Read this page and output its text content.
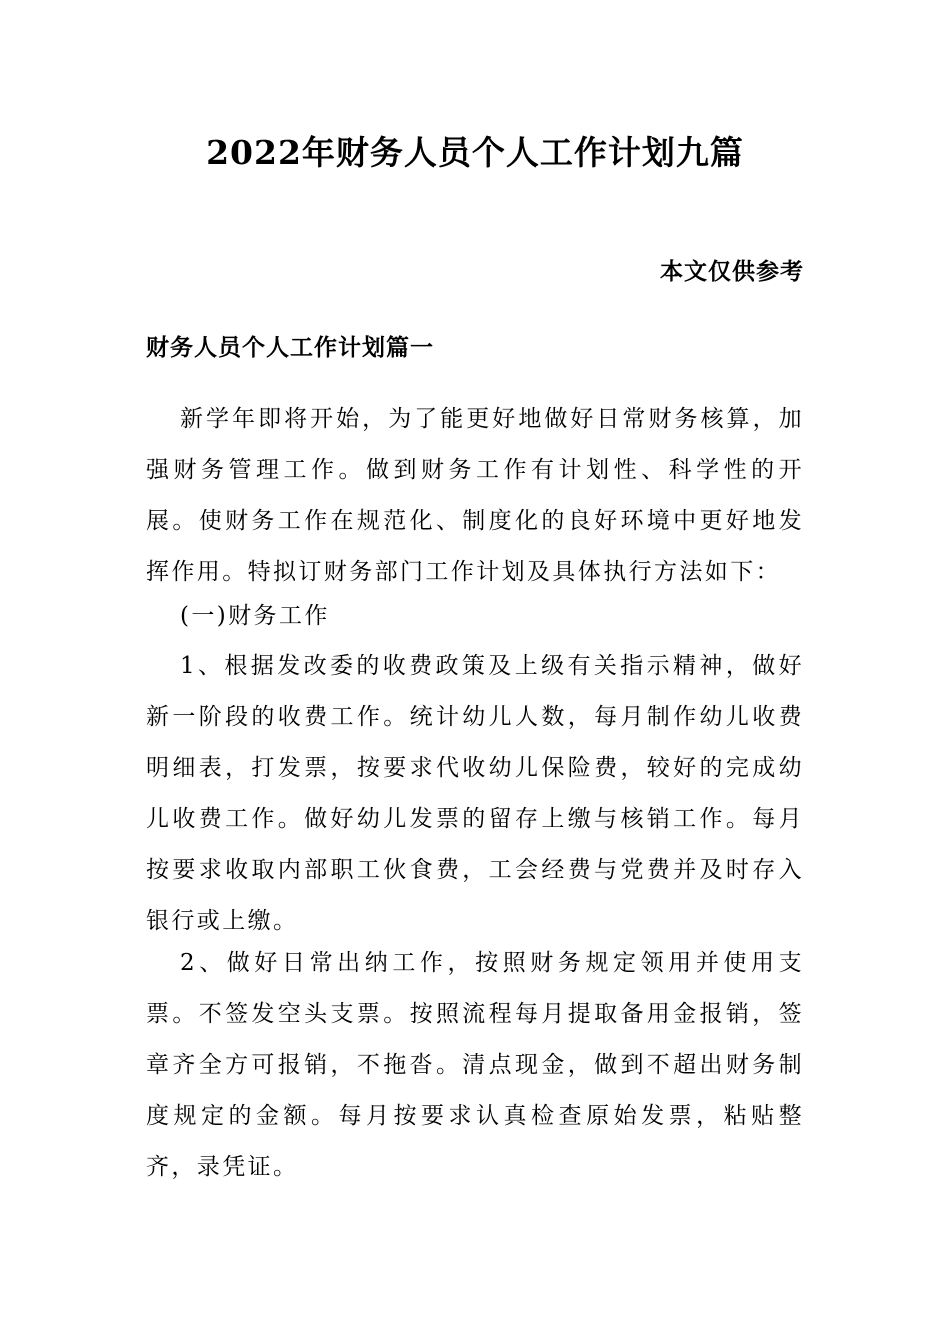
2022年财务人员个人工作计划九篇
本文仅供参考
财务人员个人工作计划篇一

新学年即将开始，为了能更好地做好日常财务核算，加强财务管理工作。做到财务工作有计划性、科学性的开展。使财务工作在规范化、制度化的良好环境中更好地发挥作用。特拟订财务部门工作计划及具体执行方法如下：

(一)财务工作

1、根据发改委的收费政策及上级有关指示精神，做好新一阶段的收费工作。统计幼儿人数，每月制作幼儿收费明细表，打发票，按要求代收幼儿保险费，较好的完成幼儿收费工作。做好幼儿发票的留存上缴与核销工作。每月按要求收取内部职工伙食费，工会经费与党费并及时存入银行或上缴。

2、做好日常出纳工作，按照财务规定领用并使用支票。不签发空头支票。按照流程每月提取备用金报销，签章齐全方可报销，不拖沓。清点现金，做到不超出财务制度规定的金额。每月按要求认真检查原始发票，粘贴整齐，录凭证。
